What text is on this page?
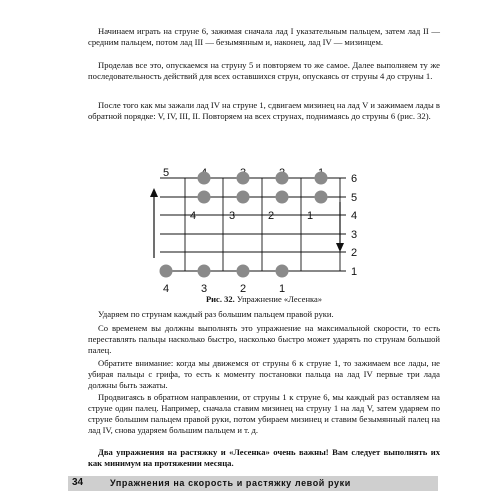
Начинаем играть на струне 6, зажимая сначала лад I указательным пальцем, затем лад II — средним пальцем, потом лад III — безымянным и, наконец, лад IV — мизинцем.

Проделав все это, опускаемся на струну 5 и повторяем то же самое. Далее выполняем ту же последовательность действий для всех оставшихся струн, опускаясь от струны 4 до струны 1.

После того как мы зажали лад IV на струне 1, сдвигаем мизинец на лад V и зажимаем лады в обратной порядке: V, IV, III, II. Повторяем на всех струнах, поднимаясь до струны 6 (рис. 32).

5	6
5
4
3
2
1
4	3	2	1
4	3	2	1
Рис. 32. Упражнение «Лесенка»

Ударяем по струнам каждый раз большим пальцем правой руки.

Со временем вы должны выполнять это упражнение на максимальной скорости, то есть переставлять пальцы насколько быстро, насколько быстро может ударять по струнам большой палец.

Обратите внимание: когда мы движемся от струны 6 к струне 1, то зажимаем все лады, не убирая пальцы с грифа, то есть к моменту постановки пальца на лад IV первые три лада должны быть зажаты.

Продвигаясь в обратном направлении, от струны 1 к струне 6, мы каждый раз оставляем на струне один палец. Например, сначала ставим мизинец на струну 1 на лад V, затем ударяем по струне большим пальцем правой руки, потом убираем мизинец и ставим безымянный палец на лад IV, снова ударяем большим пальцем и т. д.

Два упражнения на растяжку и «Лесенка» очень важны! Вам следует выполнять их как минимум на протяжении месяца.

34	Упражнения на скорость и растяжку левой руки
